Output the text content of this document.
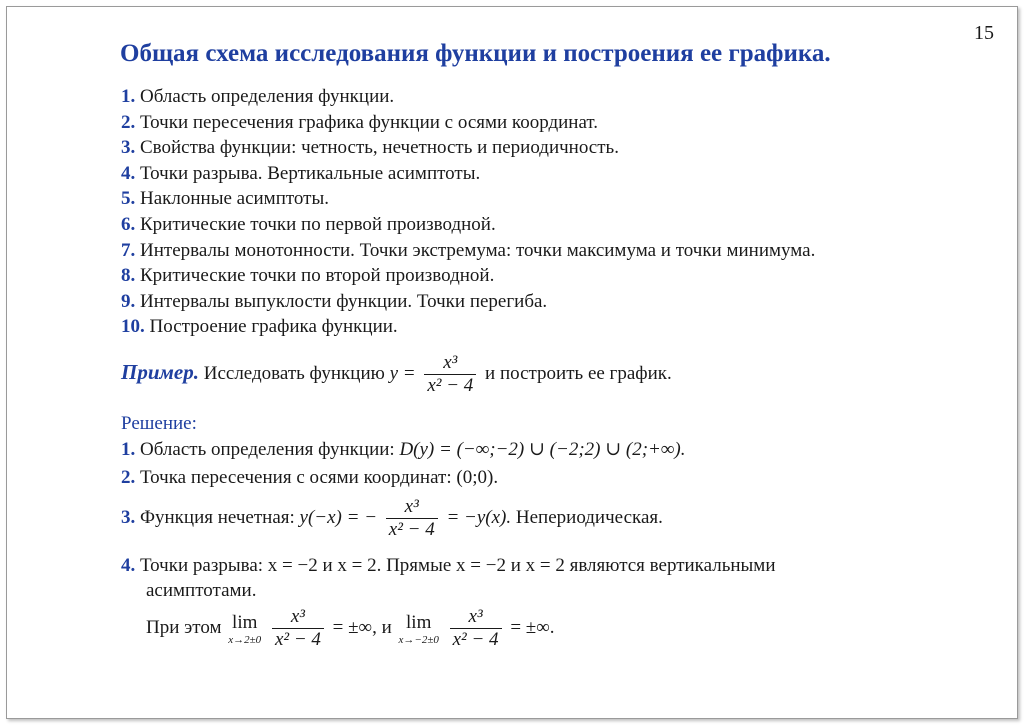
15
Общая схема исследования функции и построения ее графика.
1. Область определения функции.
2. Точки пересечения графика функции с осями координат.
3. Свойства функции: четность, нечетность и периодичность.
4. Точки разрыва. Вертикальные асимптоты.
5. Наклонные асимптоты.
6. Критические точки по первой производной.
7. Интервалы монотонности. Точки экстремума: точки максимума и точки минимума.
8. Критические точки по второй производной.
9. Интервалы выпуклости функции. Точки перегиба.
10. Построение графика функции.
Пример. Исследовать функцию $y = \frac{\text{x³}}{\text{x² − 4}}$ и построить ее график.
Решение:
1. Область определения функции: D(y) = (−∞;−2) ∪ (−2;2) ∪ (2;+∞).
2. Точка пересечения с осями координат: (0;0).
3. Функция нечетная: y(−x) = − $\frac{\text{x³}}{\text{x² − 4}} = -y(x)$. Непериодическая.
4. Точки разрыва: x = −2 и x = 2. Прямые x = −2 и x = 2 являются вертикальными
асимптотами.
При этом lim
x→2±0
$\frac{\text{x³}}{\text{x² − 4}}$ = ±∞, и lim
x→−2±0
$\frac{\text{x³}}{\text{x² − 4}}$ = ±∞.
